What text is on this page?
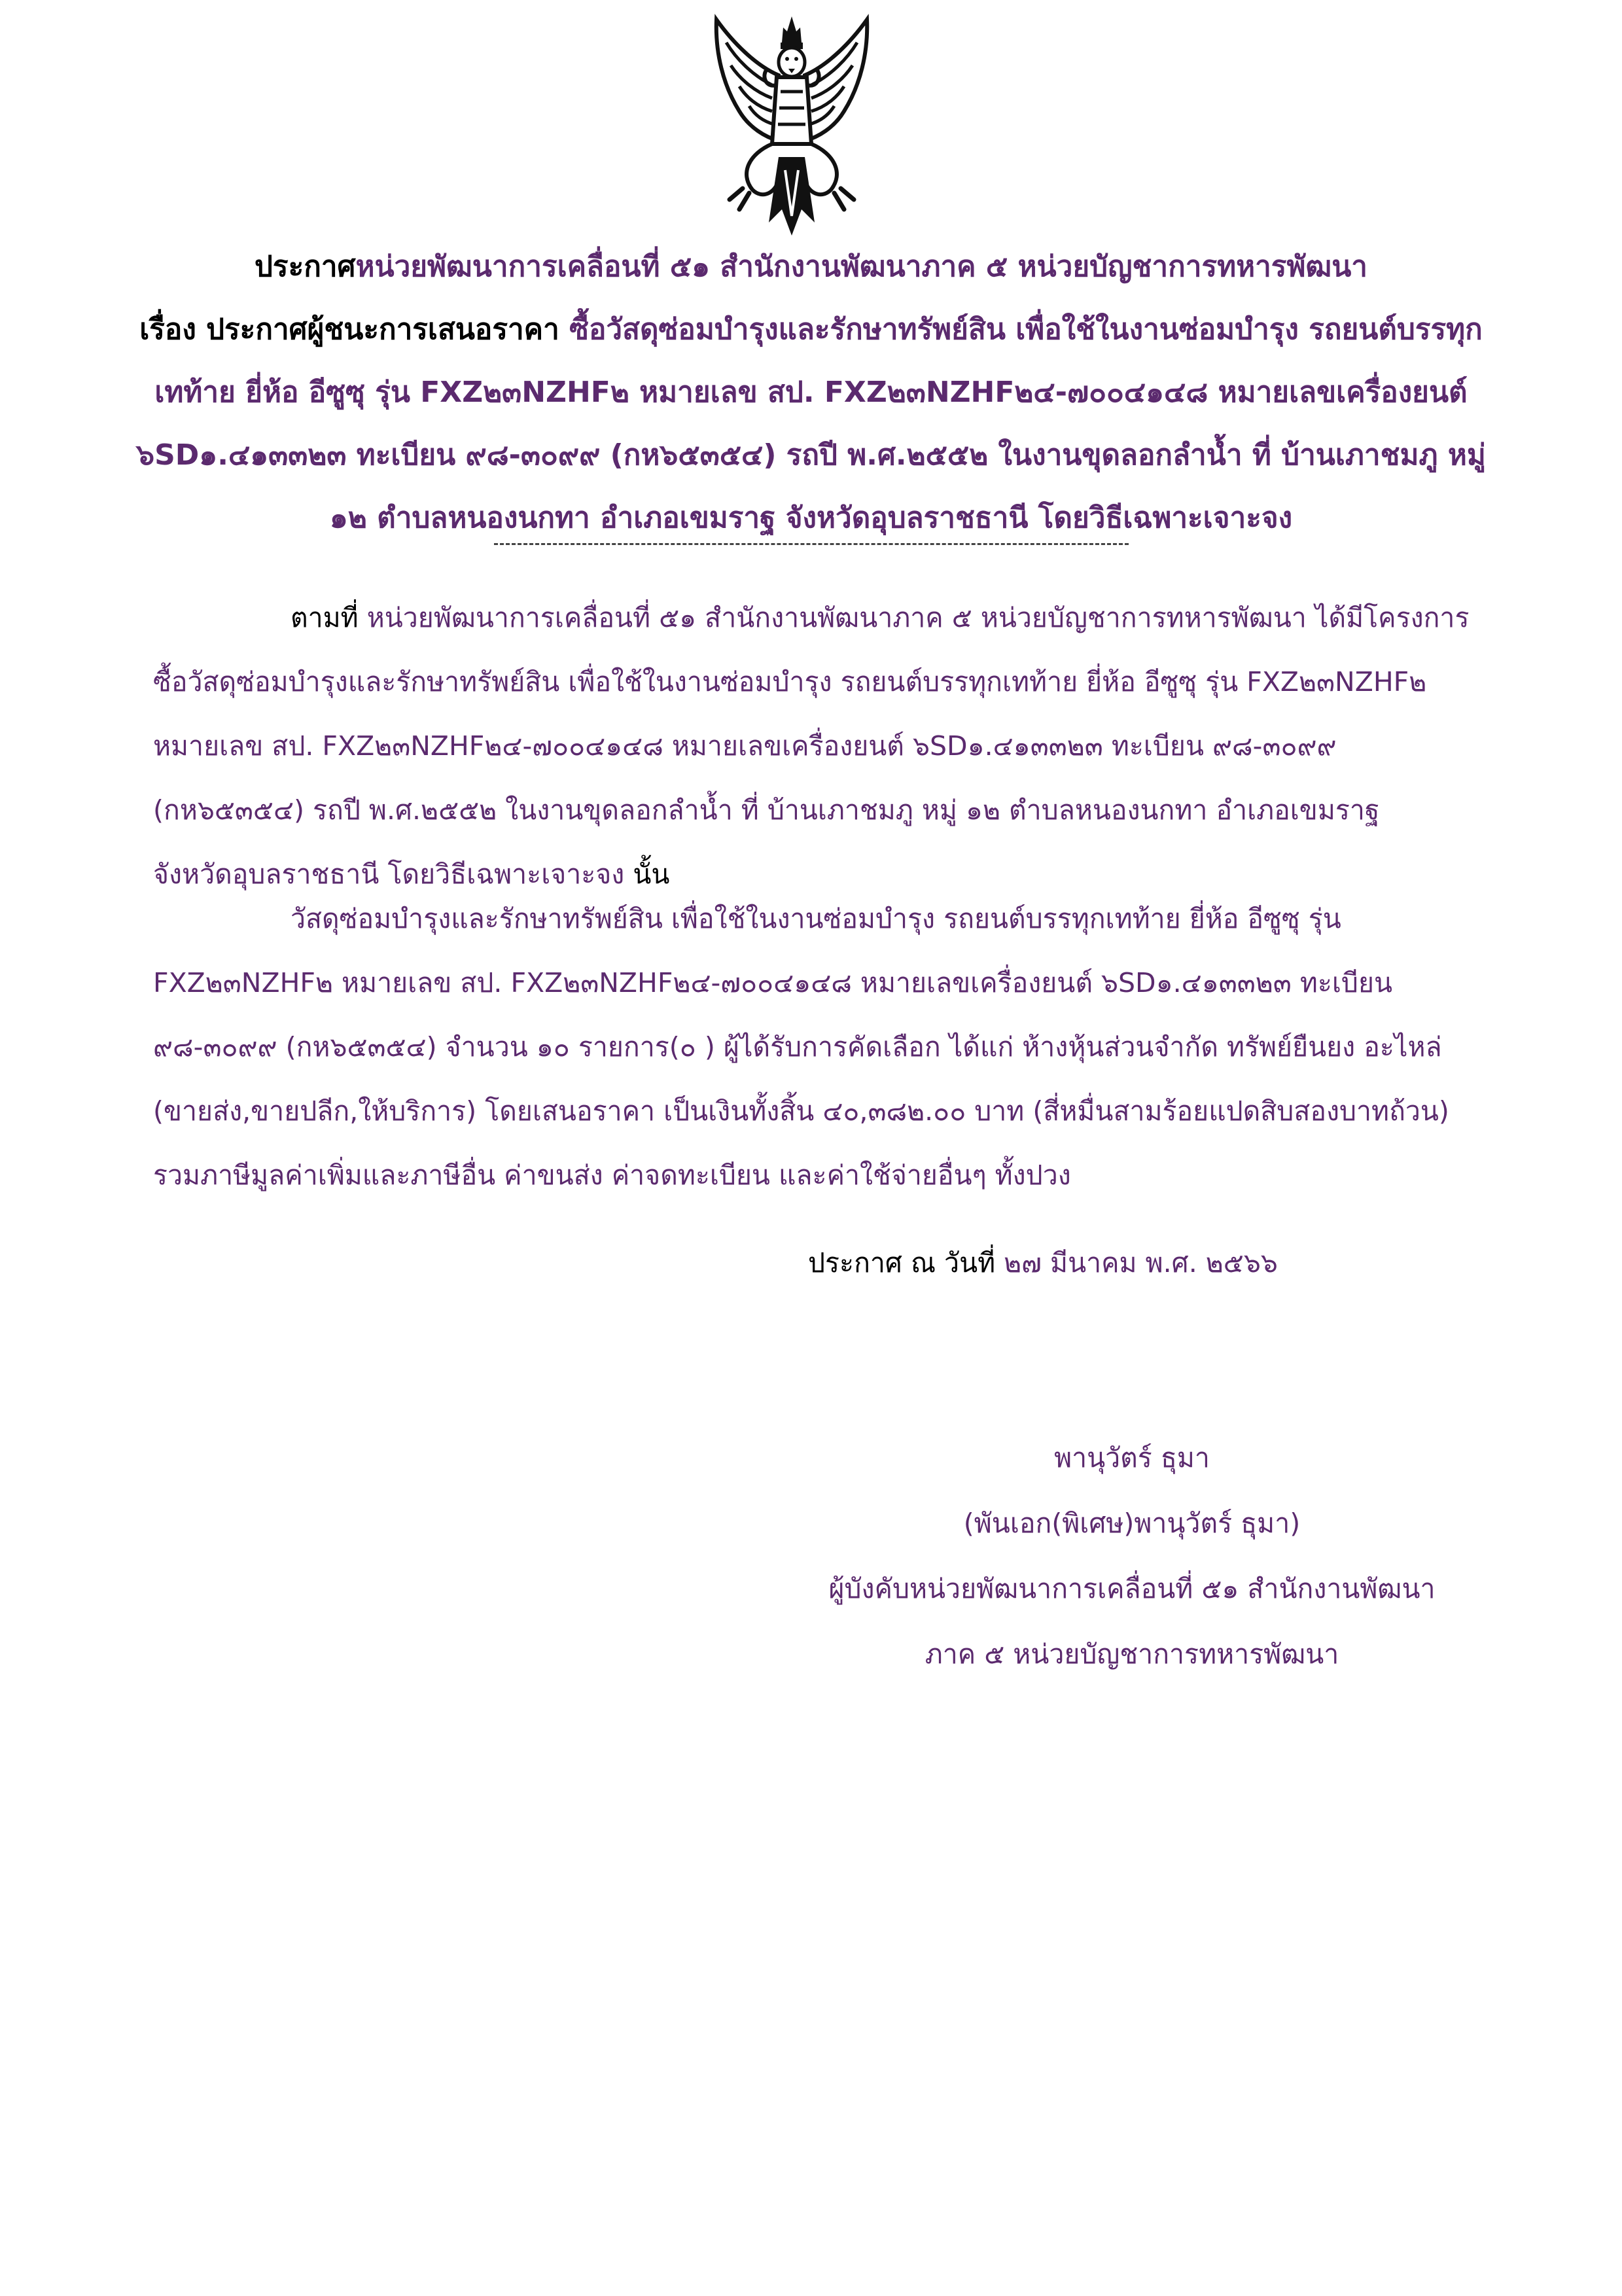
ประกาศหน่วยพัฒนาการเคลื่อนที่ ๕๑ สำนักงานพัฒนาภาค ๕ หน่วยบัญชาการทหารพัฒนา
เรื่อง ประกาศผู้ชนะการเสนอราคา ซื้อวัสดุซ่อมบำรุงและรักษาทรัพย์สิน เพื่อใช้ในงานซ่อมบำรุง รถยนต์บรรทุก
เทท้าย ยี่ห้อ อีซูซุ รุ่น FXZ๒๓NZHF๒ หมายเลข สป. FXZ๒๓NZHF๒๔-๗๐๐๔๑๔๘ หมายเลขเครื่องยนต์
๖SD๑.๔๑๓๓๒๓ ทะเบียน ๙๘-๓๐๙๙ (กห๖๕๓๕๔) รถปี พ.ศ.๒๕๕๒ ในงานขุดลอกลำน้ำ ที่ บ้านเภาชมภู หมู่
๑๒ ตำบลหนองนกทา อำเภอเขมราฐ จังหวัดอุบลราชธานี โดยวิธีเฉพาะเจาะจง
ตามที่ หน่วยพัฒนาการเคลื่อนที่ ๕๑ สำนักงานพัฒนาภาค ๕ หน่วยบัญชาการทหารพัฒนา ได้มีโครงการ
ซื้อวัสดุซ่อมบำรุงและรักษาทรัพย์สิน เพื่อใช้ในงานซ่อมบำรุง รถยนต์บรรทุกเทท้าย ยี่ห้อ อีซูซุ รุ่น FXZ๒๓NZHF๒
หมายเลข สป. FXZ๒๓NZHF๒๔-๗๐๐๔๑๔๘ หมายเลขเครื่องยนต์ ๖SD๑.๔๑๓๓๒๓ ทะเบียน ๙๘-๓๐๙๙
(กห๖๕๓๕๔) รถปี พ.ศ.๒๕๕๒ ในงานขุดลอกลำน้ำ ที่ บ้านเภาชมภู หมู่ ๑๒ ตำบลหนองนกทา อำเภอเขมราฐ
จังหวัดอุบลราชธานี โดยวิธีเฉพาะเจาะจง นั้น
วัสดุซ่อมบำรุงและรักษาทรัพย์สิน เพื่อใช้ในงานซ่อมบำรุง รถยนต์บรรทุกเทท้าย ยี่ห้อ อีซูซุ รุ่น
FXZ๒๓NZHF๒ หมายเลข สป. FXZ๒๓NZHF๒๔-๗๐๐๔๑๔๘ หมายเลขเครื่องยนต์ ๖SD๑.๔๑๓๓๒๓ ทะเบียน
๙๘-๓๐๙๙ (กห๖๕๓๕๔) จำนวน ๑๐ รายการ(๐ ) ผู้ได้รับการคัดเลือก ได้แก่ ห้างหุ้นส่วนจำกัด ทรัพย์ยืนยง อะไหล่
(ขายส่ง,ขายปลีก,ให้บริการ) โดยเสนอราคา เป็นเงินทั้งสิ้น ๔๐,๓๘๒.๐๐ บาท (สี่หมื่นสามร้อยแปดสิบสองบาทถ้วน)
รวมภาษีมูลค่าเพิ่มและภาษีอื่น ค่าขนส่ง ค่าจดทะเบียน และค่าใช้จ่ายอื่นๆ ทั้งปวง
ประกาศ ณ วันที่ ๒๗ มีนาคม พ.ศ. ๒๕๖๖
พานุวัตร์ ธุมา
(พันเอก(พิเศษ)พานุวัตร์ ธุมา)
ผู้บังคับหน่วยพัฒนาการเคลื่อนที่ ๕๑ สำนักงานพัฒนา
ภาค ๕ หน่วยบัญชาการทหารพัฒนา
